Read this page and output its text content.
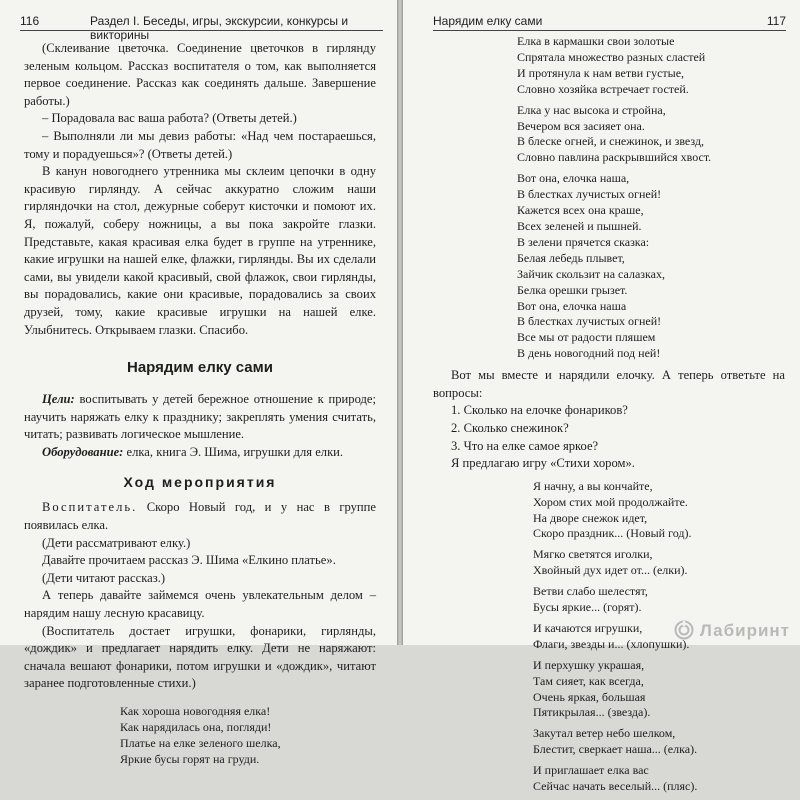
116	Раздел I. Беседы, игры, экскурсии, конкурсы и викторины

(Склеивание цветочка. Соединение цветочков в гирлянду зеленым кольцом. Рассказ воспитателя о том, как выполняется первое соединение. Рассказ как соединять дальше. Завершение работы.)

– Порадовала вас ваша работа? (Ответы детей.)

– Выполняли ли мы девиз работы: «Над чем постараешься, тому и порадуешься»? (Ответы детей.)

В канун новогоднего утренника мы склеим цепочки в одну красивую гирлянду. А сейчас аккуратно сложим наши гирляндочки на стол, дежурные соберут кисточки и помоют их. Я, пожалуй, соберу ножницы, а вы пока закройте глазки. Представьте, какая красивая елка будет в группе на утреннике, какие игрушки на нашей елке, флажки, гирлянды. Вы их сделали сами, вы увидели какой красивый, свой флажок, свои гирлянды, вы порадовались, какие они красивые, порадовались за своих друзей, тому, какие красивые игрушки на нашей елке. Улыбнитесь. Открываем глазки. Спасибо.

Нарядим елку сами

Цели: воспитывать у детей бережное отношение к природе; научить наряжать елку к празднику; закреплять умения считать, читать; развивать логическое мышление.

Оборудование: елка, книга Э. Шима, игрушки для елки.

Ход мероприятия

Воспитатель. Скоро Новый год, и у нас в группе появилась елка.

(Дети рассматривают елку.)

Давайте прочитаем рассказ Э. Шима «Елкино платье».

(Дети читают рассказ.)

А теперь давайте займемся очень увлекательным делом – нарядим нашу лесную красавицу.

(Воспитатель достает игрушки, фонарики, гирлянды, «дождик» и предлагает нарядить елку. Дети не наряжают: сначала вешают фонарики, потом игрушки и «дождик», читают заранее подготовленные стихи.)

Как хороша новогодняя елка!
Как нарядилась она, погляди!
Платье на елке зеленого шелка,
Яркие бусы горят на груди.
Нарядим елку сами	117
Елка в кармашки свои золотые
Спрятала множество разных сластей
И протянула к нам ветви густые,
Словно хозяйка встречает гостей.
Елка у нас высока и стройна,
Вечером вся засияет она.
В блеске огней, и снежинок, и звезд,
Словно павлина раскрывшийся хвост.
Вот она, елочка наша,
В блестках лучистых огней!
Кажется всех она краше,
Всех зеленей и пышней.
В зелени прячется сказка:
Белая лебедь плывет,
Зайчик скользит на салазках,
Белка орешки грызет.
Вот она, елочка наша
В блестках лучистых огней!
Все мы от радости пляшем
В день новогодний под ней!

Вот мы вместе и нарядили елочку. А теперь ответьте на вопросы:

1. Сколько на елочке фонариков?
2. Сколько снежинок?
3. Что на елке самое яркое?

Я предлагаю игру «Стихи хором».

Я начну, а вы кончайте,
Хором стих мой продолжайте.
На дворе снежок идет,
Скоро праздник... (Новый год).
Мягко светятся иголки,
Хвойный дух идет от... (елки).
Ветви слабо шелестят,
Бусы яркие... (горят).
И качаются игрушки,
Флаги, звезды и... (хлопушки).
И перхушку украшая,
Там сияет, как всегда,
Очень яркая, большая
Пятикрылая... (звезда).
Закутал ветер небо шелком,
Блестит, сверкает наша... (елка).
И приглашает елка вас
Сейчас начать веселый... (пляс).
Лабиринт
